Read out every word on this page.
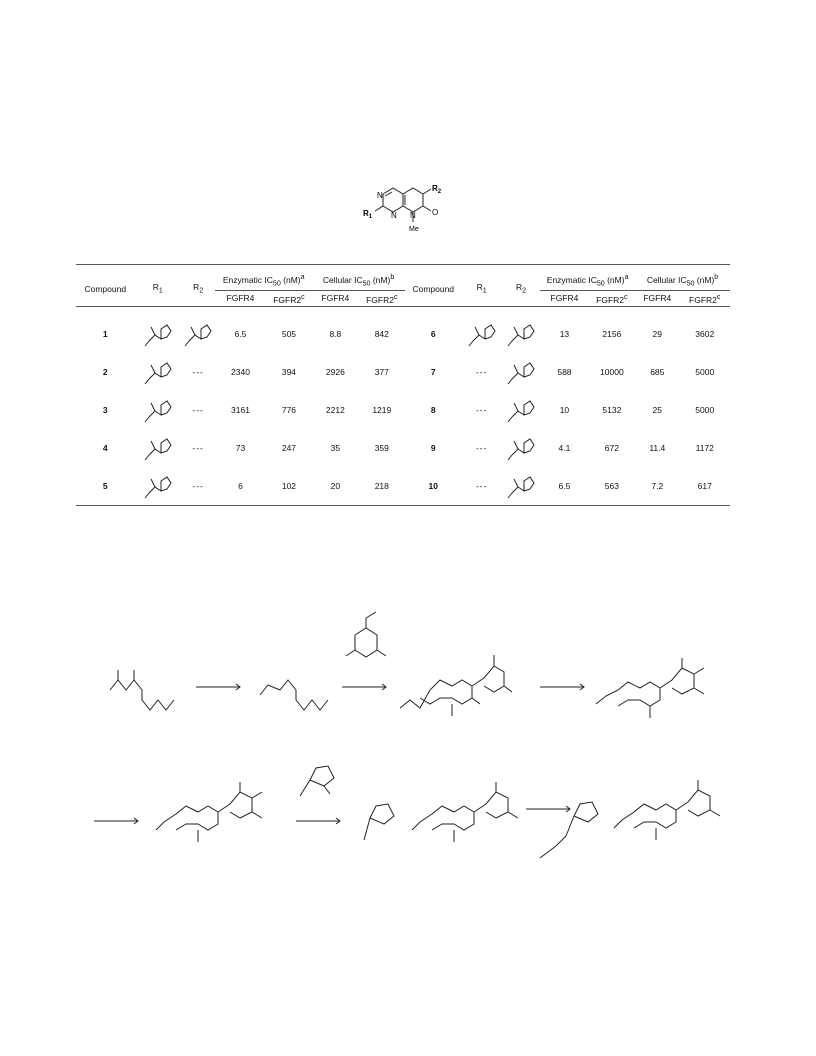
N
N N
$R_2$
$R_1$	O
Me
Compound	$R_1$	$R_2$	Enzymatic $IC_{50}$ (nM)$^a$		Cellular $IC_{50}$ (nM)$^b$		Compound	$R_1$	$R_2$	Enzymatic $IC_{50}$ (nM)$^a$		Cellular $IC_{50}$ (nM)$^b$
			FGFR4	FGFR2$^c$	FGFR4	FGFR2$^c$				FGFR4	FGFR2$^c$	FGFR4	FGFR2$^c$

1			6.5	505	8.8	842	6			13	2156	29	3602
2		---	2340	394	2926	377	7	---		588	10000	685	5000
3		---	3161	776	2212	1219	8	---		10	5132	25	5000
4		---	73	247	35	359	9	---		4.1	672	11.4	1172
5		---	6	102	20	218	10	---		6.5	563	7.2	617
